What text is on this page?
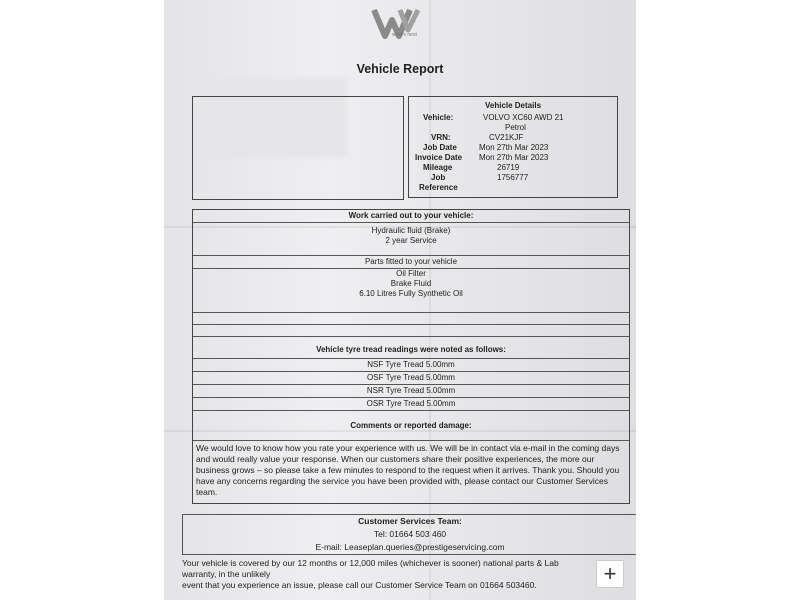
what's next
Vehicle Report
Vehicle Details
Vehicle:	VOLVO XC60 AWD 21
Petrol
VRN:	CV21KJF
Job Date	Mon 27th Mar 2023
Invoice Date Mon 27th Mar 2023
Mileage	26719
Job	1756777
Reference
Work carried out to your vehicle:
Hydraulic fluid (Brake)
2 year Service
Parts fitted to your vehicle
Oil Filter
Brake Fluid
6.10 Litres Fully Synthetic Oil
Vehicle tyre tread readings were noted as follows:
NSF Tyre Tread 5.00mm
OSF Tyre Tread 5.00mm
NSR Tyre Tread 5.00mm
OSR Tyre Tread 5.00mm
Comments or reported damage:
We would love to know how you rate your experience with us. We will be in contact via e-mail in the coming days and would really value your response. When our customers share their positive experiences, the more our business grows – so please take a few minutes to respond to the request when it arrives. Thank you. Should you have any concerns regarding the service you have been provided with, please contact our Customer Services team.
Customer Services Team:
Tel: 01664 503 460
E-mail: Leaseplan.queries@prestigeservicing.com
Your vehicle is covered by our 12 months or 12,000 miles (whichever is sooner) national parts & Lab
warranty, in the unlikely
event that you experience an issue, please call our Customer Service Team on 01664 503460.	+
